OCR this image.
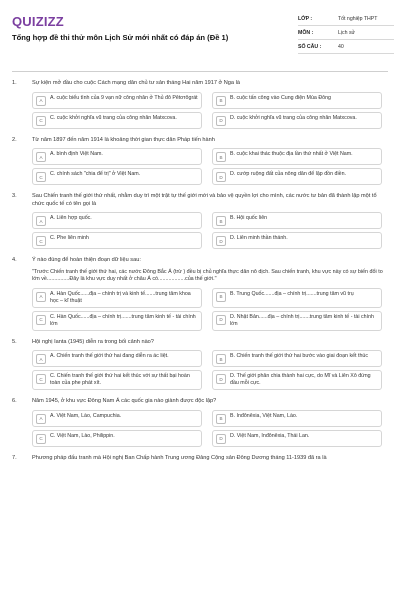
QUIZIZZ
Tổng hợp đề thi thử môn Lịch Sử mới nhất có đáp án (Đề 1)
LỚP :	Tốt nghiệp THPT
MÔN :	Lịch sử
SỐ CÂU :	40
1.	Sự kiện mở đầu cho cuộc Cách mạng dân chủ tư sản tháng Hai năm 1917 ở Nga là
A	A. cuộc biểu tình của 9 vạn nữ công nhân ở Thủ đô Pêtơrôgrát	B	B. cuộc tấn công vào Cung điện Mùa Đông
C	C. cuộc khởi nghĩa vũ trang của công nhân Matxcova.	D	D. cuộc khởi nghĩa vũ trang của công nhân Matxcova.
2.	Từ năm 1897 đến năm 1914 là khoảng thời gian thực dân Pháp tiến hành
A	A. bình định Việt Nam.	B	B. cuộc khai thác thuộc địa lần thứ nhất ở Việt Nam.
C	C. chính sách "chia để trị" ở Việt Nam.	D	D. cướp ruộng đất của nông dân để lập đồn điền.
3.	Sau Chiến tranh thế giới thứ nhất, nhằm duy trì một trật tự thế giới mới và bảo vệ quyền lợi cho mình, các nước tư bản đã thành lập một tổ chức quốc tế có tên gọi là
A	A. Liên hợp quốc.	B	B. Hội quốc liên
C	C. Phe liên minh	D	D. Liên minh thần thánh.
4.	Ý nào đúng để hoàn thiện đoạn dữ liệu sau:
"Trước Chiến tranh thế giới thứ hai, các nước Đông Bắc Á (trừ ) đều bị chủ nghĩa thực dân nô dịch. Sau chiến tranh, khu vực này có sự biến đổi to lớn về...............Đây là khu vực duy nhất ở châu Á có..................của thế giới."
A	A. Hàn Quốc......địa – chính trị và kinh tế.......trung tâm khoa học – kĩ thuật
B	B. Trung Quốc.......địa – chính trị.......trung tâm vũ trụ
C	C. Hàn Quốc......địa – chính trị.......trung tâm kinh tế - tài chính lớn
D	D. Nhật Bản......địa – chính trị.......trung tâm kinh tế - tài chính lớn
5.	Hội nghị Ianta (1945) diễn ra trong bối cảnh nào?
A	A. Chiến tranh thế giới thứ hai đang diễn ra ác liệt.	B	B. Chiến tranh thế giới thứ hai bước vào giai đoạn kết thúc
C	C. Chiến tranh thế giới thứ hai kết thúc với sự thất bại hoàn toàn của phe phát xít.
D	D. Thế giới phân chia thành hai cực, do Mĩ và Liên Xô đứng đầu mỗi cực.
6.	Năm 1945, ở khu vực Đông Nam Á các quốc gia nào giành được độc lập?
A	A. Việt Nam, Lào, Campuchia.	B	B. Inđônêxia, Việt Nam, Lào.
C	C. Việt Nam, Lào, Philippin.	D	D. Việt Nam, Inđônêxia, Thái Lan.
7.	Phương pháp đấu tranh mà Hội nghị Ban Chấp hành Trung ương Đảng Cộng sản Đông Dương tháng 11-1939 đã ra là
